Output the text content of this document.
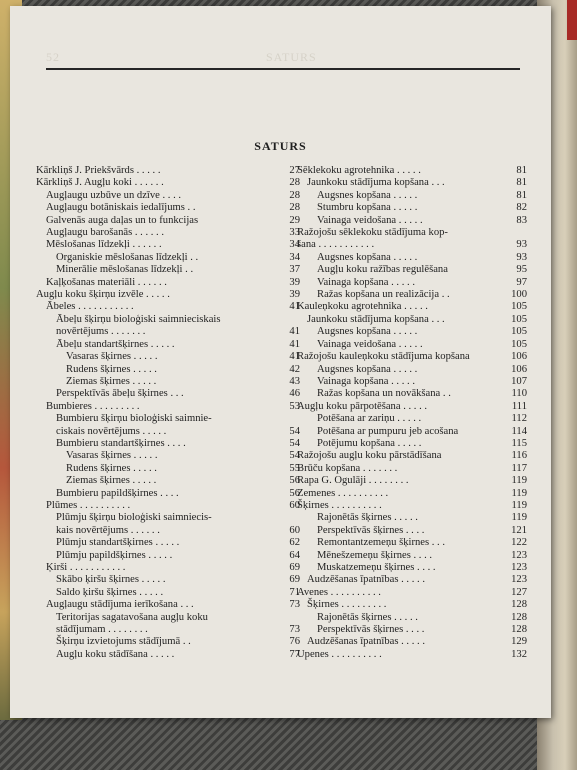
52	SATURS
SATURS
Kārkliņš J. Priekšvārds . . . . .	27
Kārkliņš J. Augļu koki . . . . . .	28
Augļaugu uzbūve un dzīve . . . .	28
Augļaugu botāniskais iedalījums . .	28
Galvenās auga daļas un to funkcijas	29
Augļaugu barošanās . . . . . .	33
Mēslošanas līdzekļi . . . . . .	34
Organiskie mēslošanas līdzekļi . .	34
Minerālie mēslošanas līdzekļi . .	37
Kaļķošanas materiāli . . . . . .	39
Augļu koku šķirņu izvēle . . . . .	39
Ābeles . . . . . . . . . . .	41
Ābeļu šķirņu bioloģiski saimnieciskais
novērtējums . . . . . . .	41
Ābeļu standartšķirnes . . . . .	41
Vasaras šķirnes . . . . .	41
Rudens šķirnes . . . . .	42
Ziemas šķirnes . . . . .	43
Perspektīvās ābeļu šķirnes . . .	46
Bumbieres . . . . . . . . .	53
Bumbieru šķirņu bioloģiski saimnie-
ciskais novērtējums . . . . .	54
Bumbieru standartšķirnes . . . .	54
Vasaras šķirnes . . . . .	54
Rudens šķirnes . . . . .	55
Ziemas šķirnes . . . . .	56
Bumbieru papildšķirnes . . . .	56
Plūmes . . . . . . . . . .	60
Plūmju šķirņu bioloģiski saimniecis-
kais novērtējums . . . . . .	60
Plūmju standartšķirnes . . . . .	62
Plūmju papildšķirnes . . . . .	64
Ķirši . . . . . . . . . . .	69
Skābo ķiršu šķirnes . . . . .	69
Saldo ķiršu šķirnes . . . . .	71
Augļaugu stādījuma ierīkošana . . .	73
Teritorijas sagatavošana augļu koku
stādījumam . . . . . . . .	73
Šķirņu izvietojums stādījumā . .	76
Augļu koku stādīšana . . . . .	77
Sēklekoku agrotehnika . . . . .	81
Jaunkoku stādījuma kopšana . . .	81
Augsnes kopšana . . . . .	81
Stumbru kopšana . . . . .	82
Vainaga veidošana . . . . .	83
Ražojošu sēklekoku stādījuma kop-
šana . . . . . . . . . . .	93
Augsnes kopšana . . . . .	93
Augļu koku ražības regulēšana	95
Vainaga kopšana . . . . .	97
Ražas kopšana un realizācija . .	100
Kauleņkoku agrotehnika . . . . .	105
Jaunkoku stādījuma kopšana . . .	105
Augsnes kopšana . . . . .	105
Vainaga veidošana . . . . .	105
Ražojošu kauleņkoku stādījuma kopšana	106
Augsnes kopšana . . . . .	106
Vainaga kopšana . . . . .	107
Ražas kopšana un novākšana . .	110
Augļu koku pārpotēšana . . . . .	111
Potēšana ar zariņu . . . . .	112
Potēšana ar pumpuru jeb acošana	114
Potējumu kopšana . . . . .	115
Ražojošu augļu koku pārstādīšana	116
Brūču kopšana . . . . . . .	117
Rapa G. Ogulāji . . . . . . . .	119
Zemenes . . . . . . . . . .	119
Šķirnes . . . . . . . . . .	119
Rajonētās šķirnes . . . . .	119
Perspektīvās šķirnes . . . .	121
Remontantzemeņu šķirnes . . .	122
Mēnešzemeņu šķirnes . . . .	123
Muskatzemeņu šķirnes . . . .	123
Audzēšanas īpatnības . . . . .	123
Avenes . . . . . . . . . .	127
Šķirnes . . . . . . . . .	128
Rajonētās šķirnes . . . . .	128
Perspektīvās šķirnes . . . .	128
Audzēšanas īpatnības . . . . .	129
Upenes . . . . . . . . . .	132
